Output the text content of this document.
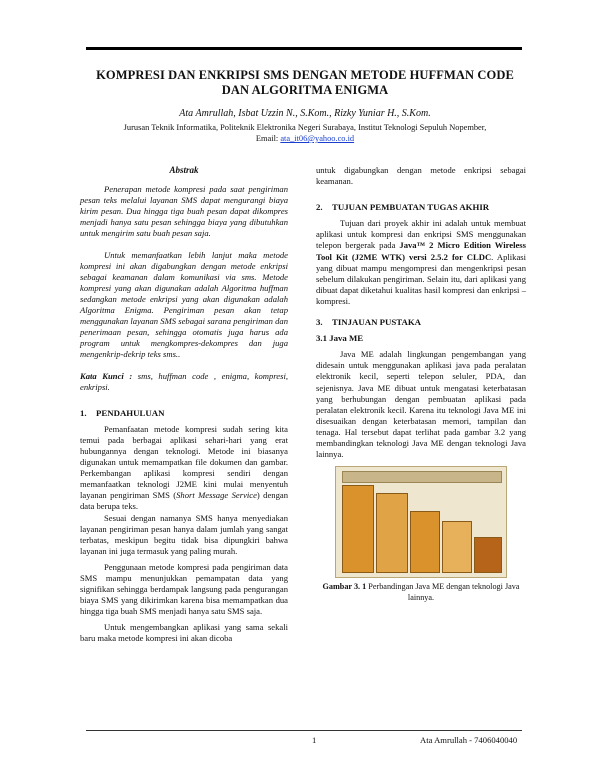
KOMPRESI DAN ENKRIPSI SMS DENGAN METODE HUFFMAN CODE
DAN ALGORITMA ENIGMA
Ata Amrullah, Isbat Uzzin N., S.Kom., Rizky Yuniar H., S.Kom.
Jurusan Teknik Informatika, Politeknik Elektronika Negeri Surabaya, Institut Teknologi Sepuluh Nopember,
Email: ata_it06@yahoo.co.id
Abstrak

Penerapan metode kompresi pada saat pengiriman pesan teks melalui layanan SMS dapat mengurangi biaya kirim pesan. Dua hingga tiga buah pesan dapat dikompres menjadi hanya satu pesan sehingga biaya yang dibutuhkan untuk mengirim satu buah pesan saja.

Untuk memanfaatkan lebih lanjut maka metode kompresi ini akan digabungkan dengan metode enkripsi sebagai keamanan dalam komunikasi via sms. Metode kompresi yang akan digunakan adalah Algoritma huffman sedangkan metode enkripsi yang akan digunakan adalah Algoritma Enigma. Pengiriman pesan akan tetap menggunakan layanan SMS sebagai sarana pengiriman dan penerimaan pesan, sehingga otomatis juga harus ada program untuk mengkompres-dekompres dan juga mengenkrip-dekrip teks sms..

Kata Kunci : sms, huffman code , enigma, kompresi, enkripsi.

1. PENDAHULUAN

Pemanfaatan metode kompresi sudah sering kita temui pada berbagai aplikasi sehari-hari yang erat hubungannya dengan teknologi. Metode ini biasanya digunakan untuk memampatkan file dokumen dan gambar. Perkembangan aplikasi kompresi sendiri dengan memanfaatkan teknologi J2ME kini mulai menyentuh layanan pengiriman SMS (Short Message Service) dengan data berupa teks.

Sesuai dengan namanya SMS hanya menyediakan layanan pengiriman pesan hanya dalam jumlah yang sangat terbatas, meskipun begitu tidak bisa dipungkiri bahwa layanan ini juga termasuk yang paling murah.

Penggunaan metode kompresi pada pengiriman data SMS mampu menunjukkan pemampatan data yang signifikan sehingga berdampak langsung pada pengurangan biaya SMS yang dikirimkan karena bisa memampatkan dua hingga tiga buah SMS menjadi hanya satu SMS saja.

Untuk mengembangkan aplikasi yang sama sekali baru maka metode kompresi ini akan dicoba

untuk digabungkan dengan metode enkripsi sebagai keamanan.

2. TUJUAN PEMBUATAN TUGAS AKHIR

Tujuan dari proyek akhir ini adalah untuk membuat aplikasi untuk kompresi dan enkripsi SMS menggunakan telepon bergerak pada Java™ 2 Micro Edition Wireless Tool Kit (J2ME WTK) versi 2.5.2 for CLDC. Aplikasi yang dibuat mampu mengompresi dan mengenkripsi pesan sebelum dilakukan pengiriman. Selain itu, dari aplikasi yang dibuat dapat diketahui kualitas hasil kompresi dan enkripsi – kompresi.

3. TINJAUAN PUSTAKA
3.1 Java ME

Java ME adalah lingkungan pengembangan yang didesain untuk menggunakan aplikasi java pada peralatan elektronik kecil, seperti telepon seluler, PDA, dan sejenisnya. Java ME dibuat untuk mengatasi keterbatasan yang berhubungan dengan pembuatan aplikasi pada peralatan elektronik kecil. Karena itu teknologi Java ME ini disesuaikan dengan keterbatasan memori, tampilan dan tenaga. Hal tersebut dapat terlihat pada gambar 3.2 yang membandingkan teknologi Java ME dengan teknologi Java lainnya.

Gambar 3. 1 Perbandingan Java ME dengan teknologi Java lainnya.

1	Ata Amrullah - 7406040040
